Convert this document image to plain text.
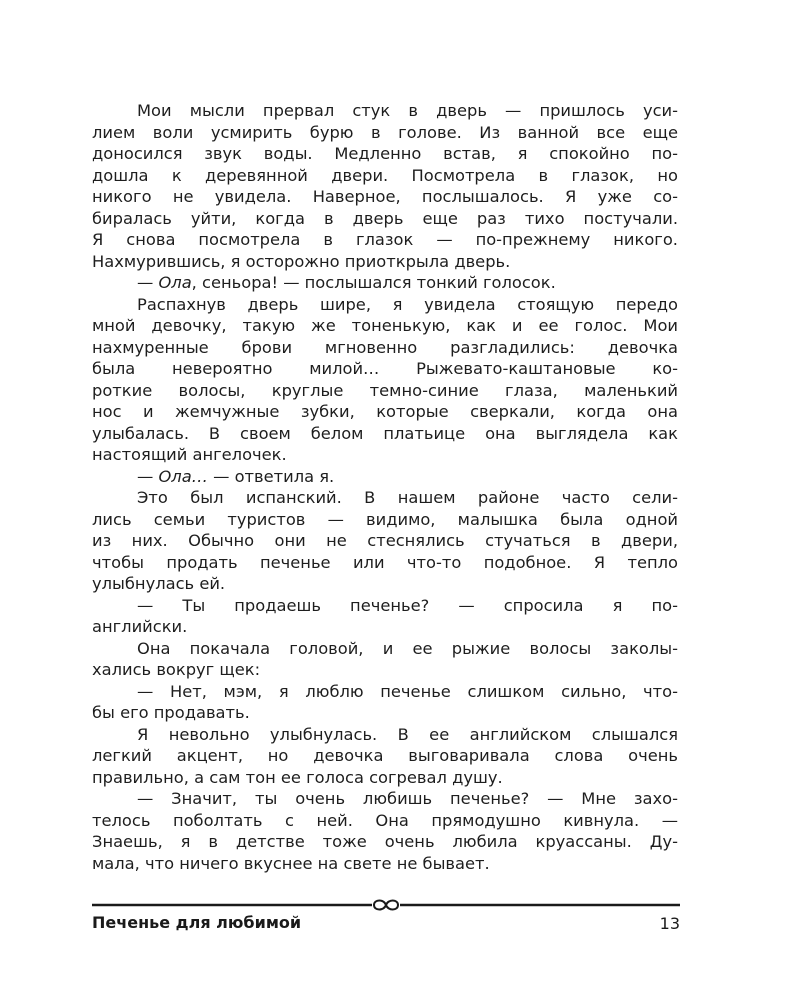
Мои мысли прервал стук в дверь — пришлось уси-
лием воли усмирить бурю в голове. Из ванной все еще
доносился звук воды. Медленно встав, я спокойно по-
дошла к деревянной двери. Посмотрела в глазок, но
никого не увидела. Наверное, послышалось. Я уже со-
биралась уйти, когда в дверь еще раз тихо постучали.
Я снова посмотрела в глазок — по-прежнему никого.
Нахмурившись, я осторожно приоткрыла дверь.
— Ола, сеньора! — послышался тонкий голосок.
Распахнув дверь шире, я увидела стоящую передо
мной девочку, такую же тоненькую, как и ее голос. Мои
нахмуренные брови мгновенно разгладились: девочка
была невероятно милой… Рыжевато-каштановые ко-
роткие волосы, круглые темно-синие глаза, маленький
нос и жемчужные зубки, которые сверкали, когда она
улыбалась. В своем белом платьице она выглядела как
настоящий ангелочек.
— Ола… — ответила я.
Это был испанский. В нашем районе часто сели-
лись семьи туристов — видимо, малышка была одной
из них. Обычно они не стеснялись стучаться в двери,
чтобы продать печенье или что-то подобное. Я тепло
улыбнулась ей.
— Ты продаешь печенье? — спросила я по-
английски.
Она покачала головой, и ее рыжие волосы заколы-
хались вокруг щек:
— Нет, мэм, я люблю печенье слишком сильно, что-
бы его продавать.
Я невольно улыбнулась. В ее английском слышался
легкий акцент, но девочка выговаривала слова очень
правильно, а сам тон ее голоса согревал душу.
— Значит, ты очень любишь печенье? — Мне захо-
телось поболтать с ней. Она прямодушно кивнула. —
Знаешь, я в детстве тоже очень любила круассаны. Ду-
мала, что ничего вкуснее на свете не бывает.
Печенье для любимой	13
